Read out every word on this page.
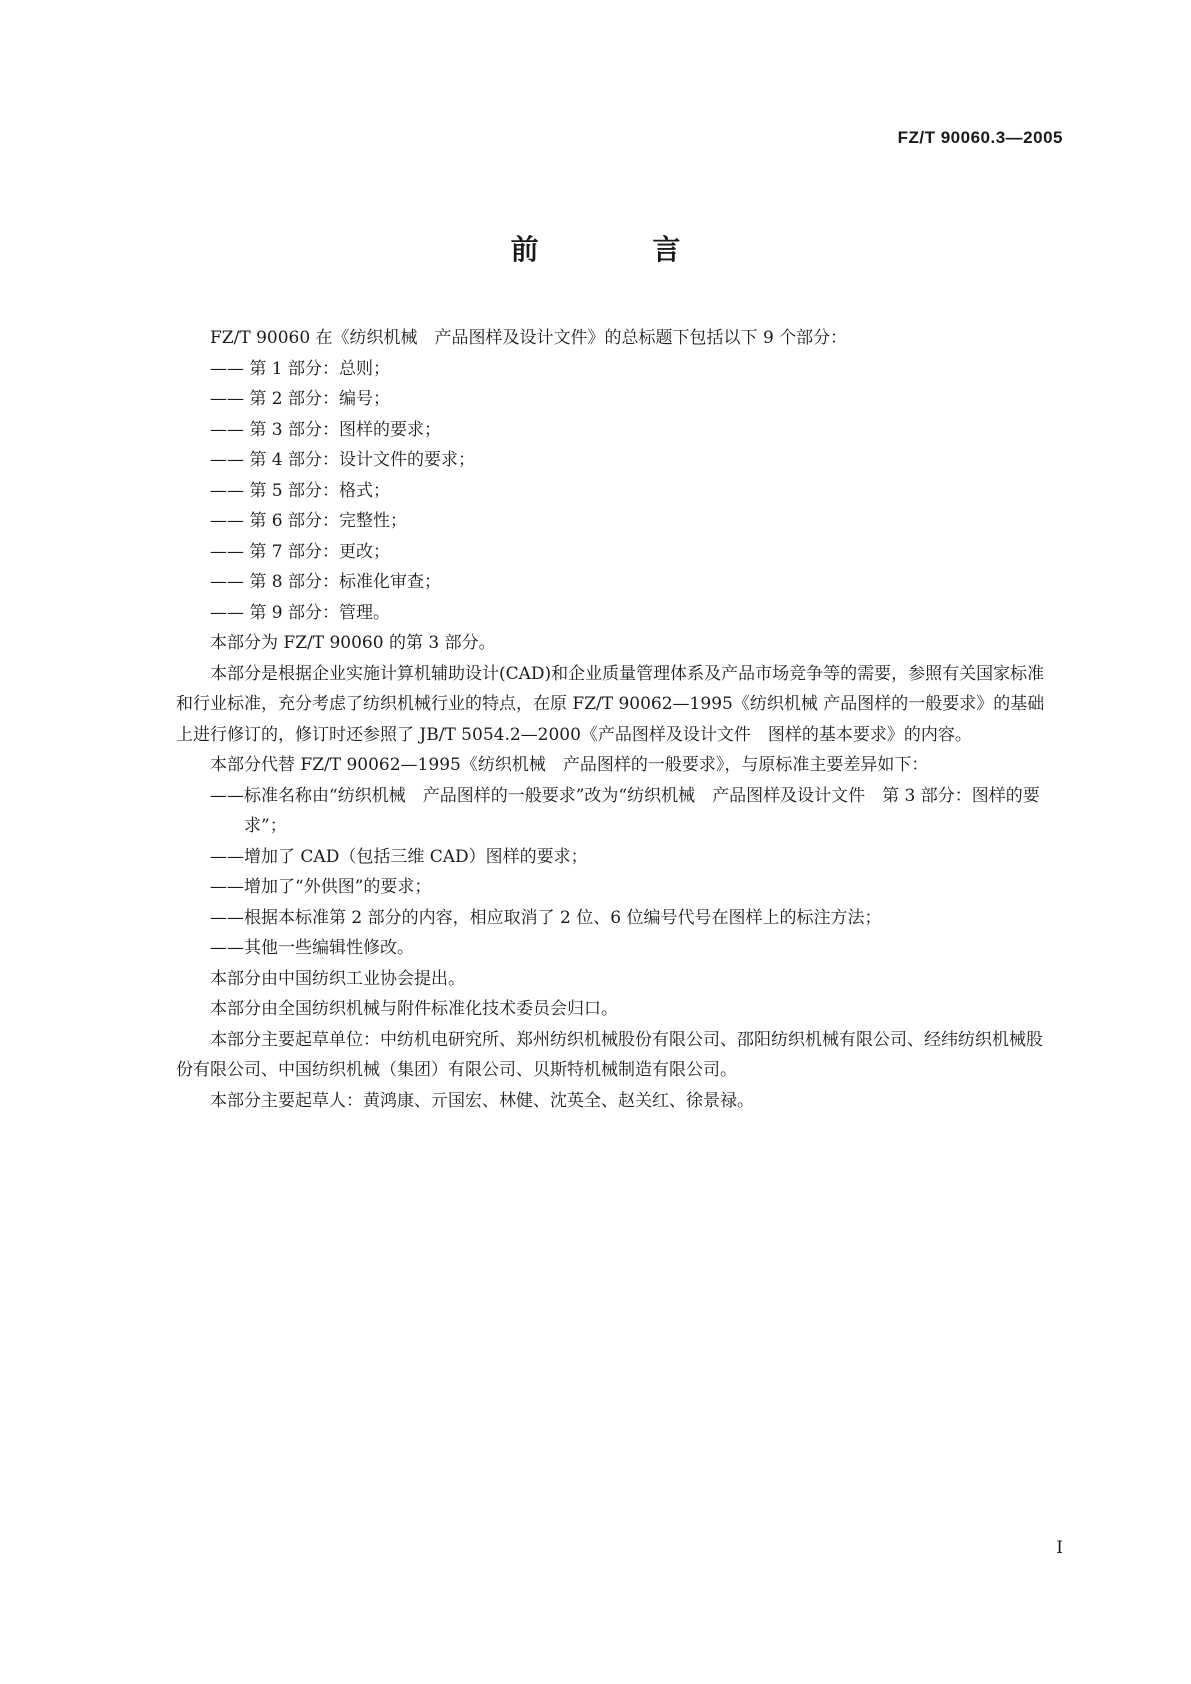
FZ/T 90060.3—2005
前 言

FZ/T 90060 在《纺织机械　产品图样及设计文件》的总标题下包括以下 9 个部分：

—— 第 1 部分：总则；

—— 第 2 部分：编号；

—— 第 3 部分：图样的要求；

—— 第 4 部分：设计文件的要求；

—— 第 5 部分：格式；

—— 第 6 部分：完整性；

—— 第 7 部分：更改；

—— 第 8 部分：标准化审查；

—— 第 9 部分：管理。

本部分为 FZ/T 90060 的第 3 部分。

本部分是根据企业实施计算机辅助设计(CAD)和企业质量管理体系及产品市场竞争等的需要，参照有关国家标准和行业标准，充分考虑了纺织机械行业的特点，在原 FZ/T 90062—1995《纺织机械 产品图样的一般要求》的基础上进行修订的，修订时还参照了 JB/T 5054.2—2000《产品图样及设计文件　图样的基本要求》的内容。

本部分代替 FZ/T 90062—1995《纺织机械　产品图样的一般要求》，与原标准主要差异如下：

——标准名称由“纺织机械　产品图样的一般要求”改为“纺织机械　产品图样及设计文件　第 3 部分：图样的要求”；

——增加了 CAD（包括三维 CAD）图样的要求；

——增加了“外供图”的要求；

——根据本标准第 2 部分的内容，相应取消了 2 位、6 位编号代号在图样上的标注方法；

——其他一些编辑性修改。

本部分由中国纺织工业协会提出。

本部分由全国纺织机械与附件标准化技术委员会归口。

本部分主要起草单位：中纺机电研究所、郑州纺织机械股份有限公司、邵阳纺织机械有限公司、经纬纺织机械股份有限公司、中国纺织机械（集团）有限公司、贝斯特机械制造有限公司。

本部分主要起草人：黄鸿康、亓国宏、林健、沈英全、赵关红、徐景禄。

I
